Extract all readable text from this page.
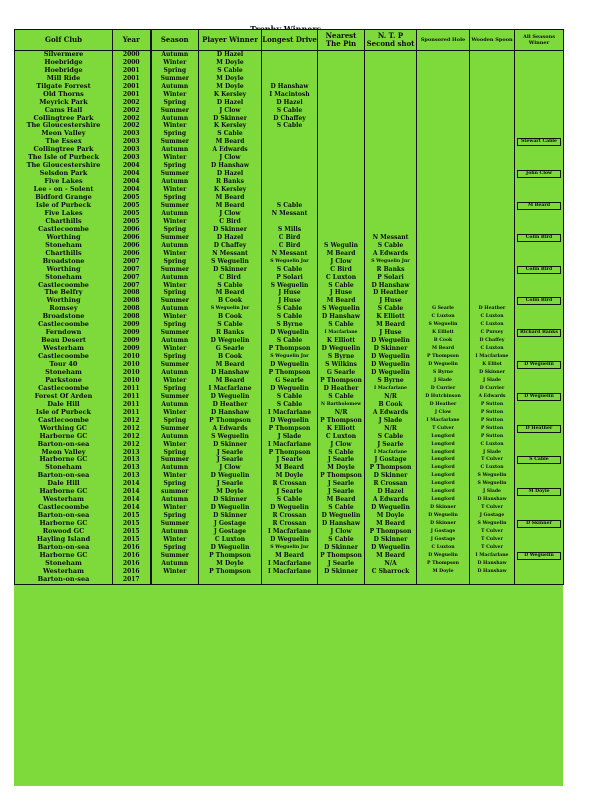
Golf Club	Year	Season	Player Winner	Longest Drive	Nearest The Pin	N. T. P Second shot	Sponsored Hole	Wooden Spoon	All Seasons Winner
Silvermere	2000	Autumn	D Hazel						
Hoebridge	2000	Winter	M Doyle						
Hoebridge	2001	Spring	S Cable						
Mill Ride	2001	Summer	M Doyle						
Tilgate Forrest	2001	Autumn	M Doyle	D Hanshaw					
Old Thorns	2001	Winter	K Kersley	I Macintosh					
Meyrick Park	2002	Spring	D Hazel	D Hazel					
Cams Hall	2002	Summer	J Clow	S Cable					
Collingtree Park	2002	Autumn	D Skinner	D Chaffey					
The Gloucestershire	2002	Winter	K Kersley	S Cable					
Meon Valley	2003	Spring	S Cable						
The Essex	2003	Summer	M Beard						Stewart Cable

Collingtree Park	2003	Autumn	A Edwards						
The Isle of Purbeck	2003	Winter	J Clow						
The Gloucestershire	2004	Spring	D Hanshaw						
Selsdon Park	2004	Summer	D Hazel						John Clow

Five Lakes	2004	Autumn	R Banks						
Lee - on - Solent	2004	Winter	K Kersley						
Bidford Grange	2005	Spring	M Beard						
Isle of Purbeck	2005	Summer	M Beard	S Cable					M Beard

Five Lakes	2005	Autumn	J Clow	N Messant					
Charthills	2005	Winter	C Bird						
Castlecoombe	2006	Spring	D Skinner	S Mills					
Worthing	2006	Summer	D Hazel	C Bird		N Messant			Colin Bird

Stoneham	2006	Autumn	D Chaffey	C Bird	S Wegulin	S Cable			
Charthills	2006	Winter	N Messant	N Messant	M Beard	A Edwards			
Broadstone	2007	Spring	S Weguelin	S Weguelin Jnr	J Clow	S Weguelin Jnr			
Worthing	2007	Summer	D Skinner	S Cable	C Bird	R Banks			Colin Bird

Stoneham	2007	Autumn	C Bird	P Solari	C Luxton	P Solari			
Castlecoombe	2007	Winter	S Cable	S Weguelin	S Cable	D Hanshaw			
The Belfry	2008	Spring	M Beard	J Huse	J Huse	D Heather			
Worthing	2008	Summer	B Cook	J Huse	M Beard	J Huse			Colin Bird

Romsey	2008	Autumn	S Weguelin Jnr	S Cable	S Weguelin	S Cable	G Searle	D Heather	
Broadstone	2008	Winter	B Cook	S Cable	D Hanshaw	K Elliott	C Luxton	C Luxton	
Castlecoombe	2009	Spring	S Cable	S Byrne	S Cable	M Beard	S Weguelin	C Luxton	
Ferndown	2009	Summer	R Banks	D Weguelin	I Macfarlane	J Huse	K Elliott	C Pursey	Richard Banks

Beau Desert	2009	Autumn	D Weguelin	S Cable	K Elliott	D Weguelin	B Cook	D Chaffey	
Westerham	2009	Winter	G Searle	P Thompson	D Weguelin	D Skinner	M Beard	C Luxton	
Castlecoombe	2010	Spring	B Cook	S Weguelin Jnr	S Byrne	D Weguelin	P Thompson	I Macfarlane	
Tour 40	2010	Summer	M Beard	D Weguelin	S Wilkins	D Weguelin	D Weguelin	K Elliot	D Weguelin

Stoneham	2010	Autumn	D Hanshaw	P Thompson	G Searle	D Weguelin	S Byrne	D Skinner	
Parkstone	2010	Winter	M Beard	G Searle	P Thompson	S Byrne	J Slade	J Slade	
Castlecoombe	2011	Spring	I Macfarlane	D Weguelin	D Heather	I Macfarlane	D Currier	D Currier	
Forest Of Arden	2011	Summer	D Weguelin	S Cable	S Cable	N/R	D Hutchinson	A Edwards	D Weguelin

Dale Hill	2011	Autumn	D Heather	S Cable	N Bartholomew	B Cook	D Heather	P Sutton	
Isle of Purbeck	2011	Winter	D Hanshaw	I Macfarlane	N/R	A Edwards	J Clow	P Sutton	
Castlecoombe	2012	Spring	P Thompson	D Weguelin	P Thompson	J Slade	I Macfarlane	P Sutton	
Worthing GC	2012	Summer	A Edwards	P Thompson	K Elliott	N/R	T Culver	P Sutton	D Heather

Harborne GC	2012	Autumn	S Weguelin	J Slade	C Luxton	S Cable	Longford	P Sutton	
Barton-on-sea	2012	Winter	D Skinner	I Macfarlane	J Clow	J Searle	Longford	C Luxton	
Meon Valley	2013	Spring	J Searle	P Thompson	S Cable	I Macfarlane	Longford	J Slade	
Harborne GC	2013	Summer	J Searle	J Searle	J Searle	J Gostage	Longford	T Culver	S Cable

Stoneham	2013	Autumn	J Clow	M Beard	M Doyle	P Thompson	Longford	C Luxton	
Barton-on-sea	2013	Winter	D Weguelin	M Doyle	P Thompson	D Skinner	Longford	S Weguelin	
Dale Hill	2014	Spring	J Searle	R Crossan	J Searle	R Crossan	Longford	S Weguelin	
Harborne GC	2014	summer	M Doyle	J Searle	J Searle	D Hazel	Longford	J Slade	M Doyle

Westerham	2014	Autumn	D Skinner	S Cable	M Beard	A Edwards	Longford	D Hanshaw	
Castlecoombe	2014	Winter	D Weguelin	D Weguelin	S Cable	D Weguelin	D Skinner	T Culver	
Barton-on-sea	2015	Spring	D Skinner	R Crossan	D Weguelin	M Doyle	D Weguelin	J Gostage	
Harborne GC	2015	Summer	J Gostage	R Crossan	D Hanshaw	M Beard	D Skinner	S Weguelin	D Skinner

Rowood GC	2015	Autumn	J Gostage	I Macfarlane	J Clow	P Thompson	J Gostage	T Culver	
Hayling Island	2015	Winter	C Luxton	D Weguelin	S Cable	D Skinner	J Gostage	T Culver	
Barton-on-sea	2016	Spring	D Weguelin	S Weguelin Jnr	D Skinner	D Weguelin	C Luxton	T Culver	
Harborne GC	2016	Summer	P Thompson	M Beard	P Thompson	M Beard	D Weguelin	I Macfarlane	D Weguelin

Stoneham	2016	Autumn	M Doyle	I Macfarlane	J Searle	N/A	P Thompson	D Hanshaw	
Westerham	2016	Winter	P Thompson	I Macfarlane	D Skinner	C Sharrock	M Doyle	D Hanshaw	
Barton-on-sea	2017								
